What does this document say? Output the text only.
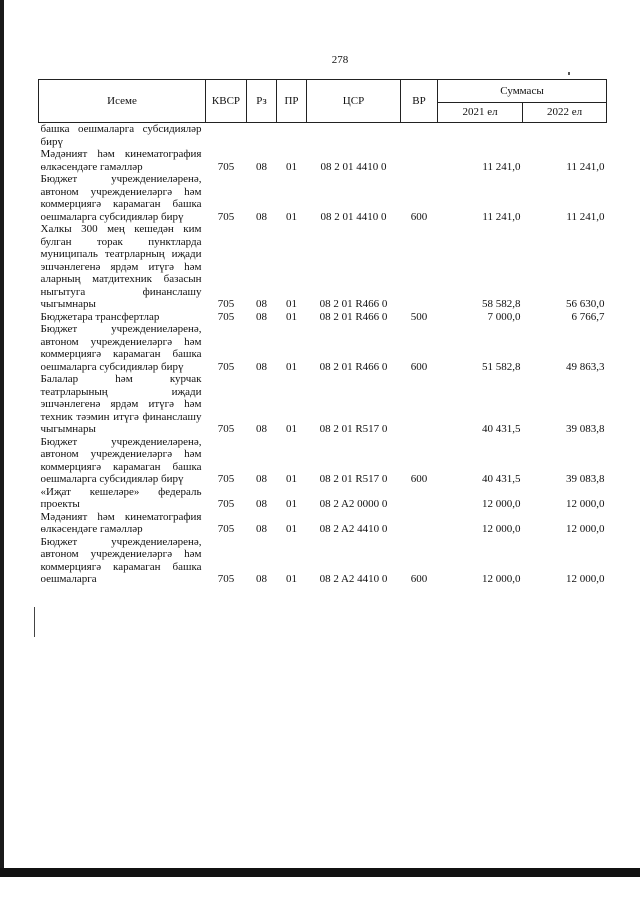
278
Исеме	КВСР	Рз	ПР	ЦСР	ВР	Суммасы	
						2021 ел	2022 ел
башка оешмаларга субсидияләр бирү							
Мәдәният һәм кинематография өлкәсендәге гамәлләр	705	08	01	08 2 01 4410 0		11 241,0	11 241,0
Бюджет учреждениеләренә, автоном учреждениеләргә һәм коммерциягә карамаган башка оешмаларга субсидияләр бирү	705	08	01	08 2 01 4410 0	600	11 241,0	11 241,0
Халкы 300 мең кешедән ким булган торак пунктларда муниципаль театрларның иҗади эшчәнлегенә ярдәм итүгә һәм аларның матдитехник базасын ныгытуга финанслашу чыгымнары	705	08	01	08 2 01 R466 0		58 582,8	56 630,0
Бюджетара трансфертлар	705	08	01	08 2 01 R466 0	500	7 000,0	6 766,7
Бюджет учреждениеләренә, автоном учреждениеләргә һәм коммерциягә карамаган башка оешмаларга субсидияләр бирү	705	08	01	08 2 01 R466 0	600	51 582,8	49 863,3
Балалар һәм курчак театрларының иҗади эшчәнлегенә ярдәм итүгә һәм техник тәэмин итүгә финанслашу чыгымнары	705	08	01	08 2 01 R517 0		40 431,5	39 083,8
Бюджет учреждениеләренә, автоном учреждениеләргә һәм коммерциягә карамаган башка оешмаларга субсидияләр бирү	705	08	01	08 2 01 R517 0	600	40 431,5	39 083,8
«Иҗат кешеләре» федераль проекты	705	08	01	08 2 A2 0000 0		12 000,0	12 000,0
Мәдәният һәм кинематография өлкәсендәге гамәлләр	705	08	01	08 2 A2 4410 0		12 000,0	12 000,0
Бюджет учреждениеләренә, автоном учреждениеләргә һәм коммерциягә карамаган башка оешмаларга	705	08	01	08 2 A2 4410 0	600	12 000,0	12 000,0
